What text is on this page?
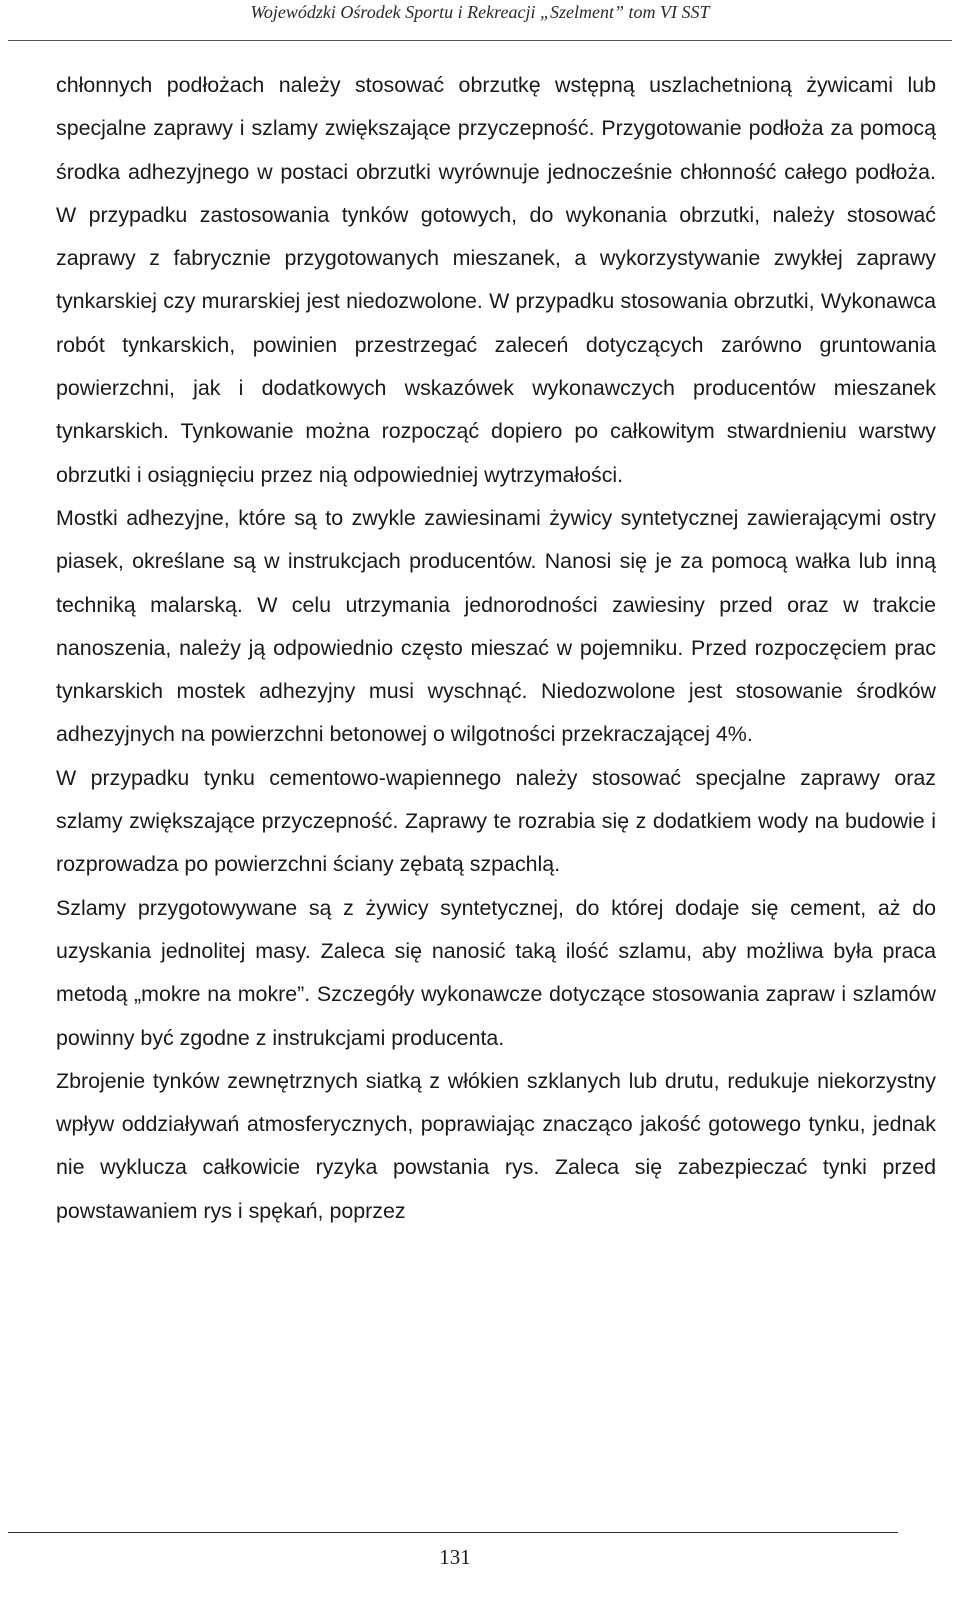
Wojewódzki Ośrodek Sportu i Rekreacji „Szelment” tom VI SST

chłonnych podłożach należy stosować obrzutkę wstępną uszlachetnioną żywicami lub specjalne zaprawy i szlamy zwiększające przyczepność. Przygotowanie podłoża za pomocą środka adhezyjnego w postaci obrzutki wyrównuje jednocześnie chłonność całego podłoża. W przypadku zastosowania tynków gotowych, do wykonania obrzutki, należy stosować zaprawy z fabrycznie przygotowanych mieszanek, a wykorzystywanie zwykłej zaprawy tynkarskiej czy murarskiej jest niedozwolone. W przypadku stosowania obrzutki, Wykonawca robót tynkarskich, powinien przestrzegać zaleceń dotyczących zarówno gruntowania powierzchni, jak i dodatkowych wskazówek wykonawczych producentów mieszanek tynkarskich. Tynkowanie można rozpocząć dopiero po całkowitym stwardnieniu warstwy obrzutki i osiągnięciu przez nią odpowiedniej wytrzymałości.

Mostki adhezyjne, które są to zwykle zawiesinami żywicy syntetycznej zawierającymi ostry piasek, określane są w instrukcjach producentów. Nanosi się je za pomocą wałka lub inną techniką malarską. W celu utrzymania jednorodności zawiesiny przed oraz w trakcie nanoszenia, należy ją odpowiednio często mieszać w pojemniku. Przed rozpoczęciem prac tynkarskich mostek adhezyjny musi wyschnąć. Niedozwolone jest stosowanie środków adhezyjnych na powierzchni betonowej o wilgotności przekraczającej 4%.

W przypadku tynku cementowo-wapiennego należy stosować specjalne zaprawy oraz szlamy zwiększające przyczepność. Zaprawy te rozrabia się z dodatkiem wody na budowie i rozprowadza po powierzchni ściany zębatą szpachlą.

Szlamy przygotowywane są z żywicy syntetycznej, do której dodaje się cement, aż do uzyskania jednolitej masy. Zaleca się nanosić taką ilość szlamu, aby możliwa była praca metodą „mokre na mokre”. Szczegóły wykonawcze dotyczące stosowania zapraw i szlamów powinny być zgodne z instrukcjami producenta.

Zbrojenie tynków zewnętrznych siatką z włókien szklanych lub drutu, redukuje niekorzystny wpływ oddziaływań atmosferycznych, poprawiając znacząco jakość gotowego tynku, jednak nie wyklucza całkowicie ryzyka powstania rys. Zaleca się zabezpieczać tynki przed powstawaniem rys i spękań, poprzez

131
